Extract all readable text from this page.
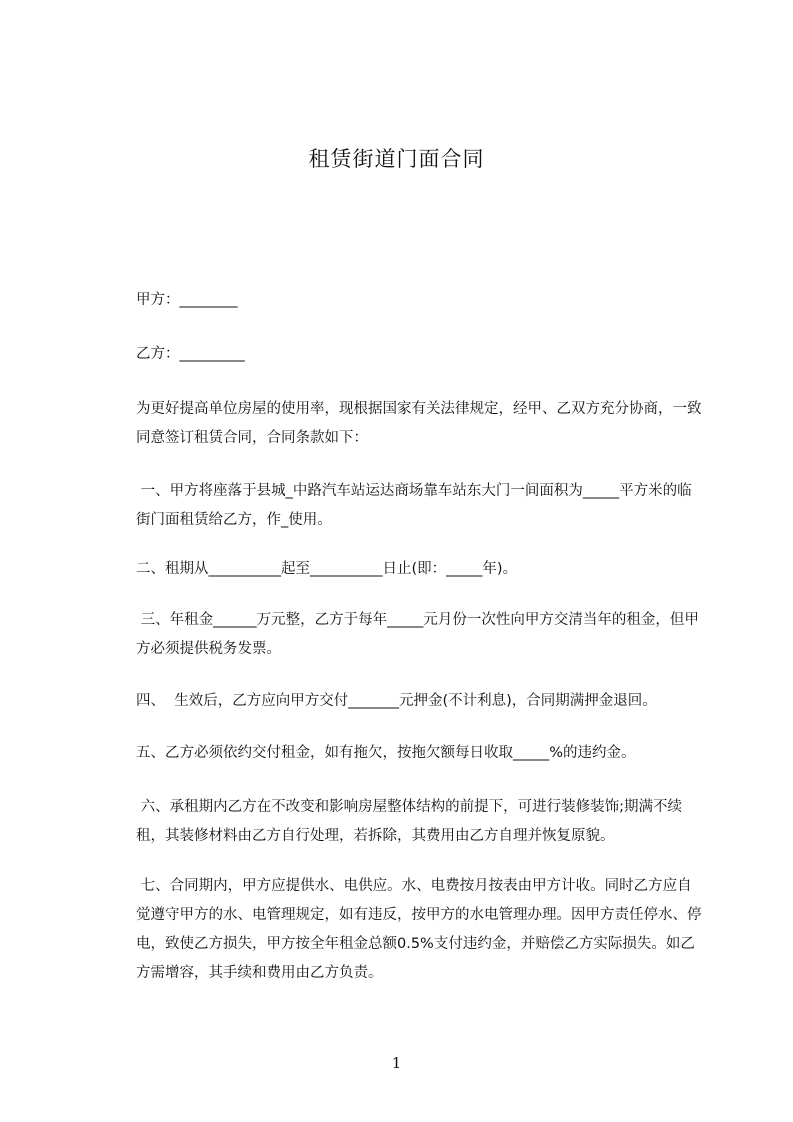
租赁街道门面合同
甲方：________
乙方：_________
为更好提高单位房屋的使用率，现根据国家有关法律规定，经甲、乙双方充分协商，一致同意签订租赁合同，合同条款如下：
一、甲方将座落于县城_中路汽车站运达商场靠车站东大门一间面积为_____平方米的临街门面租赁给乙方，作_使用。
二、租期从__________起至__________日止(即：_____年)。
三、年租金______万元整，乙方于每年_____元月份一次性向甲方交清当年的租金，但甲方必须提供税务发票。
四、  生效后，乙方应向甲方交付_______元押金(不计利息)，合同期满押金退回。
五、乙方必须依约交付租金，如有拖欠，按拖欠额每日收取_____%的违约金。
六、承租期内乙方在不改变和影响房屋整体结构的前提下，可进行装修装饰;期满不续租，其装修材料由乙方自行处理，若拆除，其费用由乙方自理并恢复原貌。
七、合同期内，甲方应提供水、电供应。水、电费按月按表由甲方计收。同时乙方应自觉遵守甲方的水、电管理规定，如有违反，按甲方的水电管理办理。因甲方责任停水、停电，致使乙方损失，甲方按全年租金总额0.5%支付违约金，并赔偿乙方实际损失。如乙方需增容，其手续和费用由乙方负责。
1
